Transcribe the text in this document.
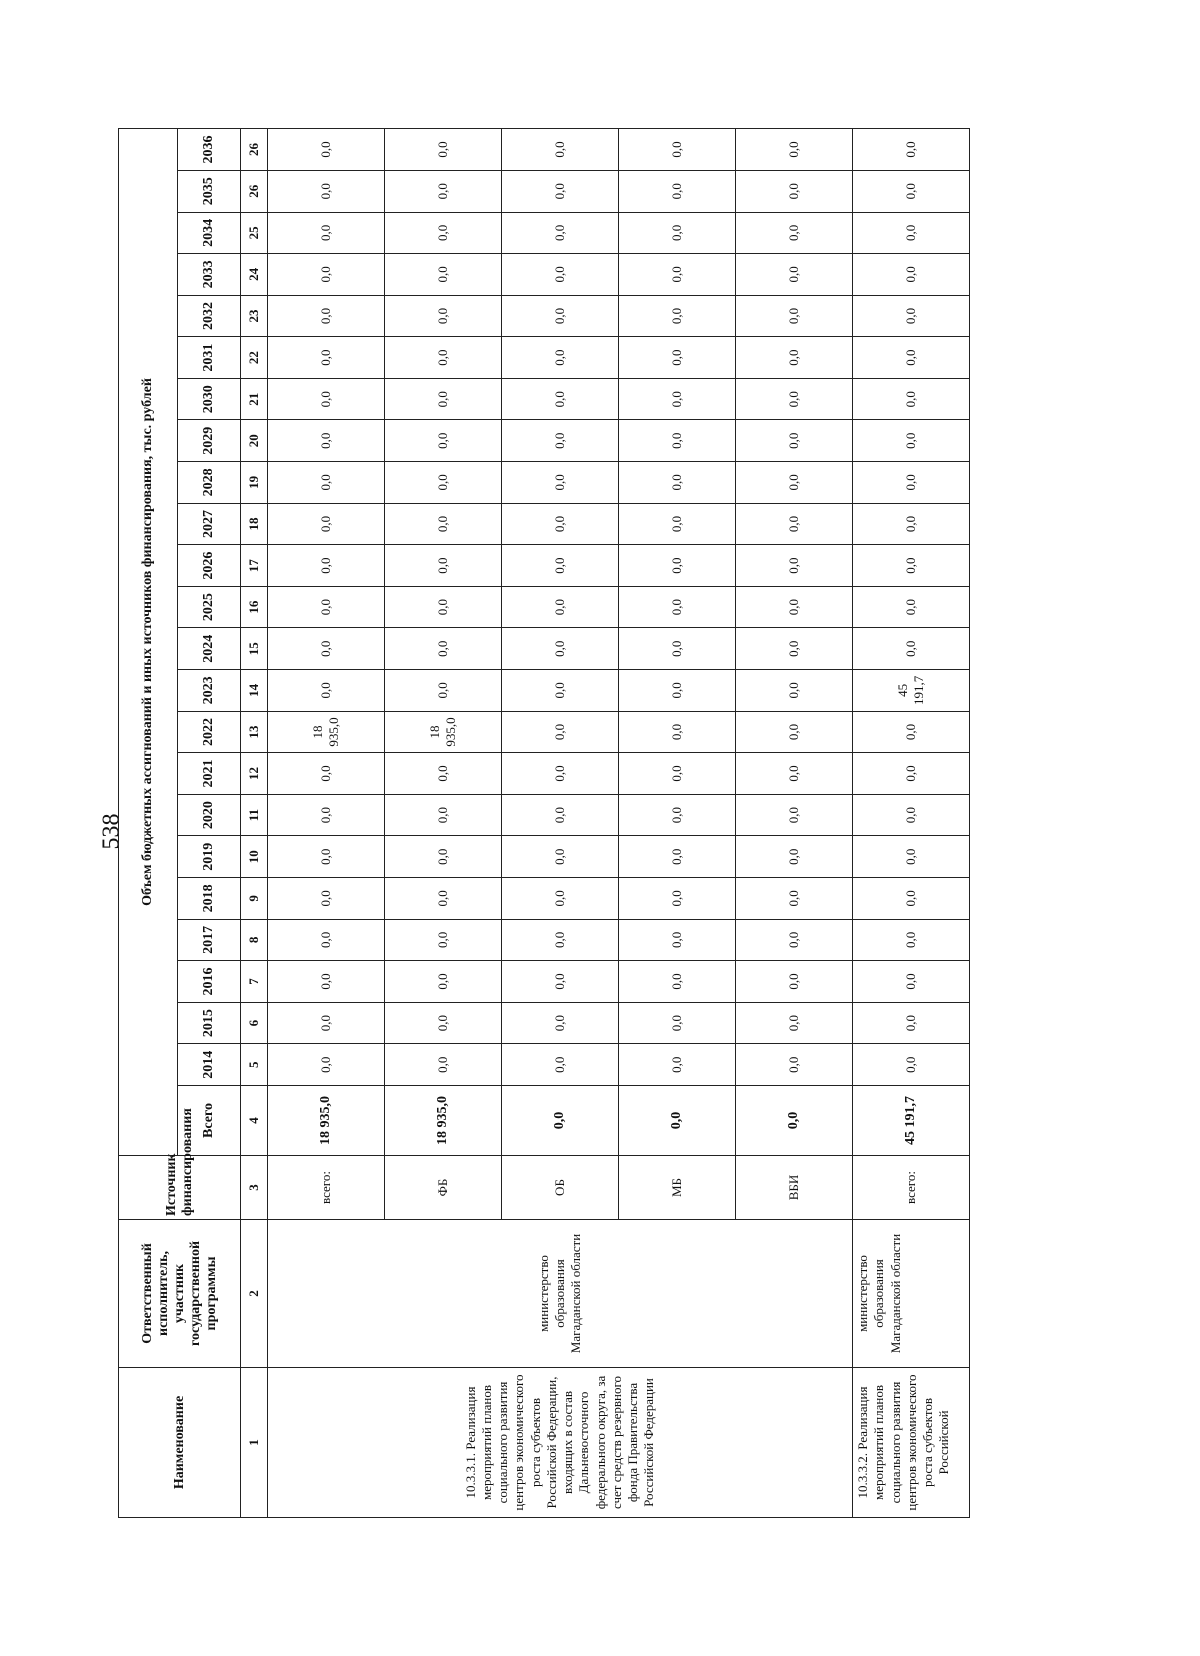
538
Наименование	Ответственный исполнитель, участник государственной программы	Источник финансирования	Объем бюджетных ассигнований и иных источников финансирования, тыс. рублей																							
			Всего	2014	2015	2016	2017	2018	2019	2020	2021	2022	2023	2024	2025	2026	2027	2028	2029	2030	2031	2032	2033	2034	2035	2036
1	2	3	4	5	6	7	8	9	10	11	12	13	14	15	16	17	18	19	20	21	22	23	24	25	26	26
10.3.3.1. Реализация мероприятий планов социального развития центров экономического роста субъектов Российской Федерации, входящих в состав Дальневосточного федерального округа, за счет средств резервного фонда Правительства Российской Федерации	министерство образования Магаданской области	всего:	18 935,0	0,0	0,0	0,0	0,0	0,0	0,0	0,0	0,0	18 935,0	0,0	0,0	0,0	0,0	0,0	0,0	0,0	0,0	0,0	0,0	0,0	0,0	0,0	0,0
		ФБ	18 935,0	0,0	0,0	0,0	0,0	0,0	0,0	0,0	0,0	18 935,0	0,0	0,0	0,0	0,0	0,0	0,0	0,0	0,0	0,0	0,0	0,0	0,0	0,0	0,0
		ОБ	0,0	0,0	0,0	0,0	0,0	0,0	0,0	0,0	0,0	0,0	0,0	0,0	0,0	0,0	0,0	0,0	0,0	0,0	0,0	0,0	0,0	0,0	0,0	0,0
		МБ	0,0	0,0	0,0	0,0	0,0	0,0	0,0	0,0	0,0	0,0	0,0	0,0	0,0	0,0	0,0	0,0	0,0	0,0	0,0	0,0	0,0	0,0	0,0	0,0
		ВБИ	0,0	0,0	0,0	0,0	0,0	0,0	0,0	0,0	0,0	0,0	0,0	0,0	0,0	0,0	0,0	0,0	0,0	0,0	0,0	0,0	0,0	0,0	0,0	0,0
10.3.3.2. Реализация мероприятий планов социального развития центров экономического роста субъектов Российской	министерство образования Магаданской области	всего:	45 191,7	0,0	0,0	0,0	0,0	0,0	0,0	0,0	0,0	0,0	45 191,7	0,0	0,0	0,0	0,0	0,0	0,0	0,0	0,0	0,0	0,0	0,0	0,0	0,0
